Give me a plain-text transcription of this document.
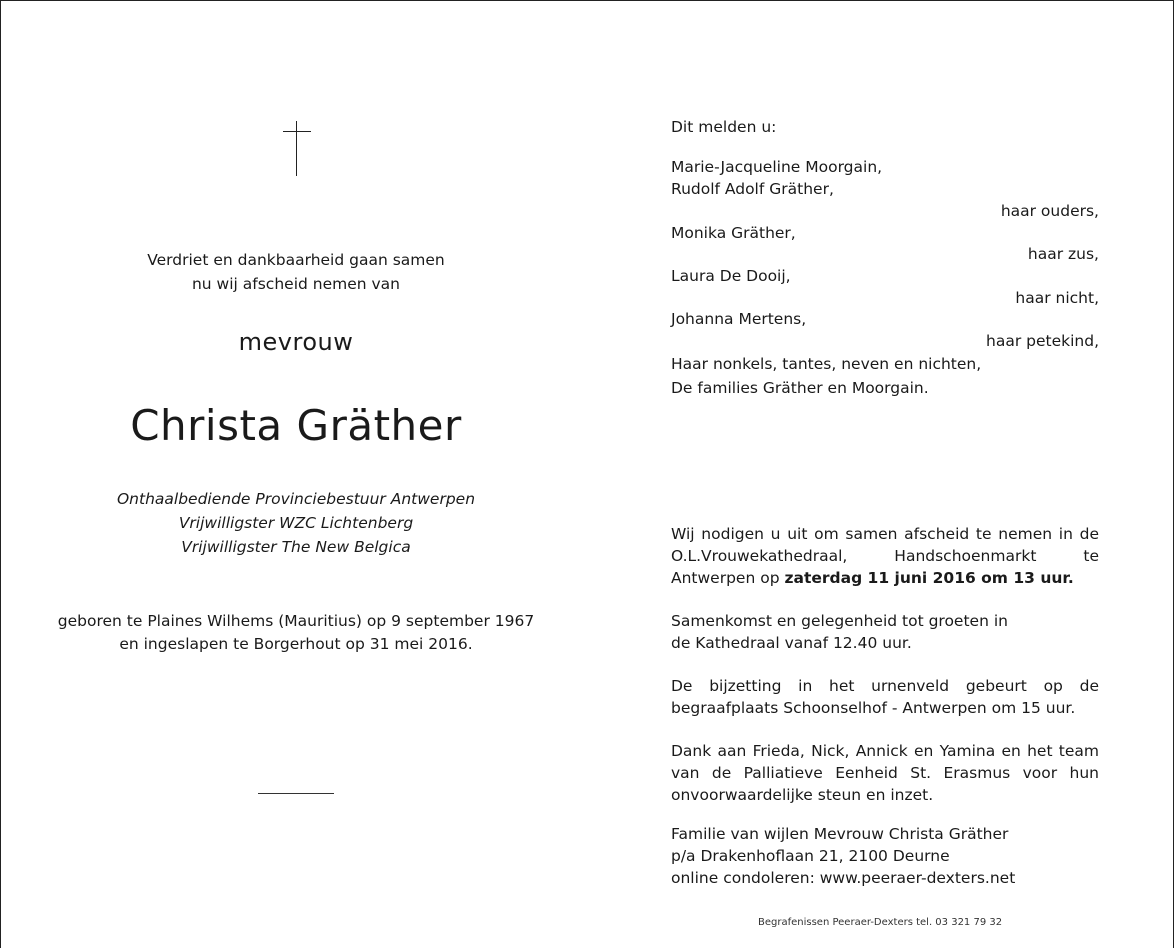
Verdriet en dankbaarheid gaan samen
nu wij afscheid nemen van
mevrouw
Christa Gräther
Onthaalbediende Provinciebestuur Antwerpen
Vrijwilligster WZC Lichtenberg
Vrijwilligster The New Belgica
geboren te Plaines Wilhems (Mauritius) op 9 september 1967
en ingeslapen te Borgerhout op 31 mei 2016.
Dit melden u:
Marie-Jacqueline Moorgain,
Rudolf Adolf Gräther,
haar ouders,
Monika Gräther,
haar zus,
Laura De Dooij,
haar nicht,
Johanna Mertens,
haar petekind,
Haar nonkels, tantes, neven en nichten,
De families Gräther en Moorgain.
Wij nodigen u uit om samen afscheid te nemen in de O.L.Vrouwekathedraal, Handschoenmarkt te Antwerpen op zaterdag 11 juni 2016 om 13 uur.
Samenkomst en gelegenheid tot groeten in
de Kathedraal vanaf 12.40 uur.
De bijzetting in het urnenveld gebeurt op de begraafplaats Schoonselhof - Antwerpen om 15 uur.
Dank aan Frieda, Nick, Annick en Yamina en het team van de Palliatieve Eenheid St. Erasmus voor hun onvoorwaardelijke steun en inzet.
Familie van wijlen Mevrouw Christa Gräther
p/a Drakenhoflaan 21, 2100 Deurne
online condoleren: www.peeraer-dexters.net
Begrafenissen Peeraer-Dexters tel. 03 321 79 32
